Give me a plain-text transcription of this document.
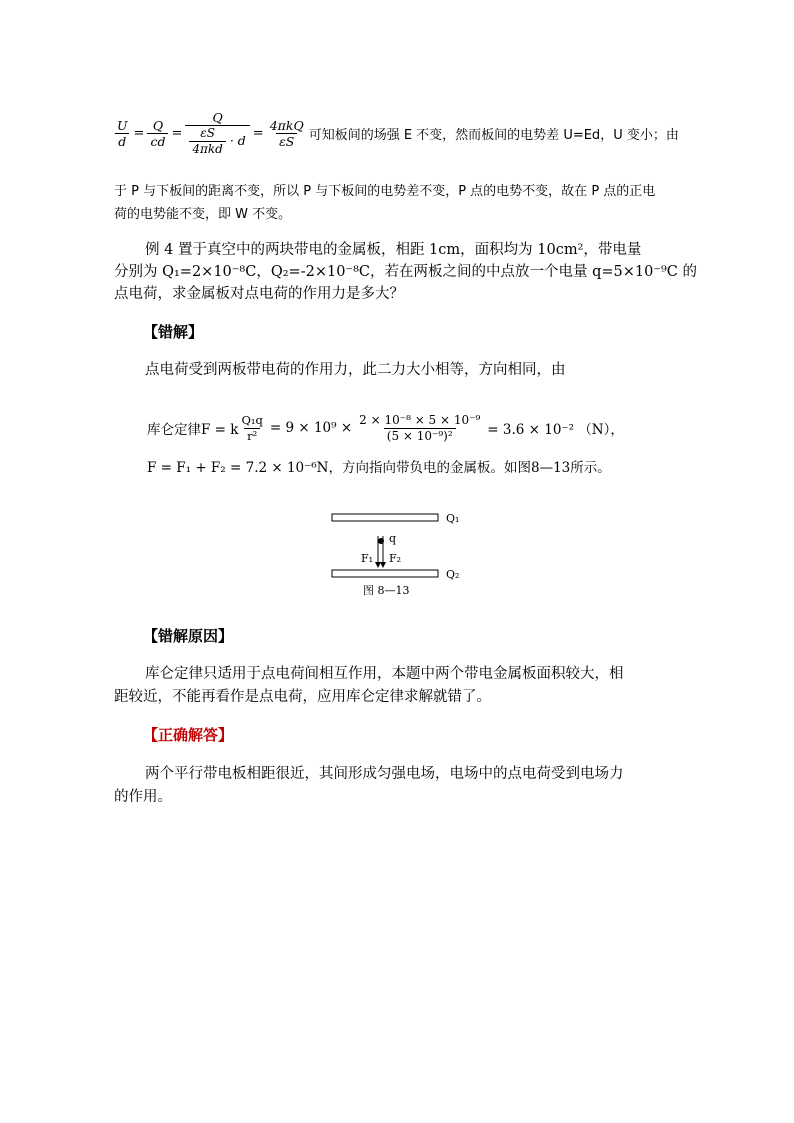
$\frac{U}{d} = \frac{Q}{cd} = \frac{Q}{\frac{\varepsilon S}{\text{4πkd}} \cdot d} = \frac{\text{4πkQ}}{\varepsilon S}$ 可知板间的场强 E 不变，然而板间的电势差 U=Ed，U 变小；由
于 P 与下板间的距离不变，所以 P 与下板间的电势差不变，P 点的电势不变，故在 P 点的正电
荷的电势能不变，即 W 不变。
例 4 置于真空中的两块带电的金属板，相距 1cm，面积均为 10cm²，带电量
分别为 Q₁=2×10⁻⁸C，Q₂=-2×10⁻⁸C，若在两板之间的中点放一个电量 q=5×10⁻⁹C 的
点电荷，求金属板对点电荷的作用力是多大？
【错解】
点电荷受到两板带电荷的作用力，此二力大小相等，方向相同，由
库仑定律F = k $\frac{\text{Q₁q}}{\text{r²}} = 9 \times 10^9 \times \frac{\text{2 × 10⁻⁸ × 5 × 10⁻⁹}}{\text{(5 × 10⁻⁹)²}} = 3.6 \times 10^{-2}$ （N），
F = F₁ + F₂ = 7.2 × 10⁻⁶N，方向指向带负电的金属板。如图8—13所示。
Q₁
Q₂
q
F₁ F₂
图 8—13
【错解原因】
库仑定律只适用于点电荷间相互作用，本题中两个带电金属板面积较大，相
距较近，不能再看作是点电荷，应用库仑定律求解就错了。
【正确解答】
两个平行带电板相距很近，其间形成匀强电场，电场中的点电荷受到电场力
的作用。
